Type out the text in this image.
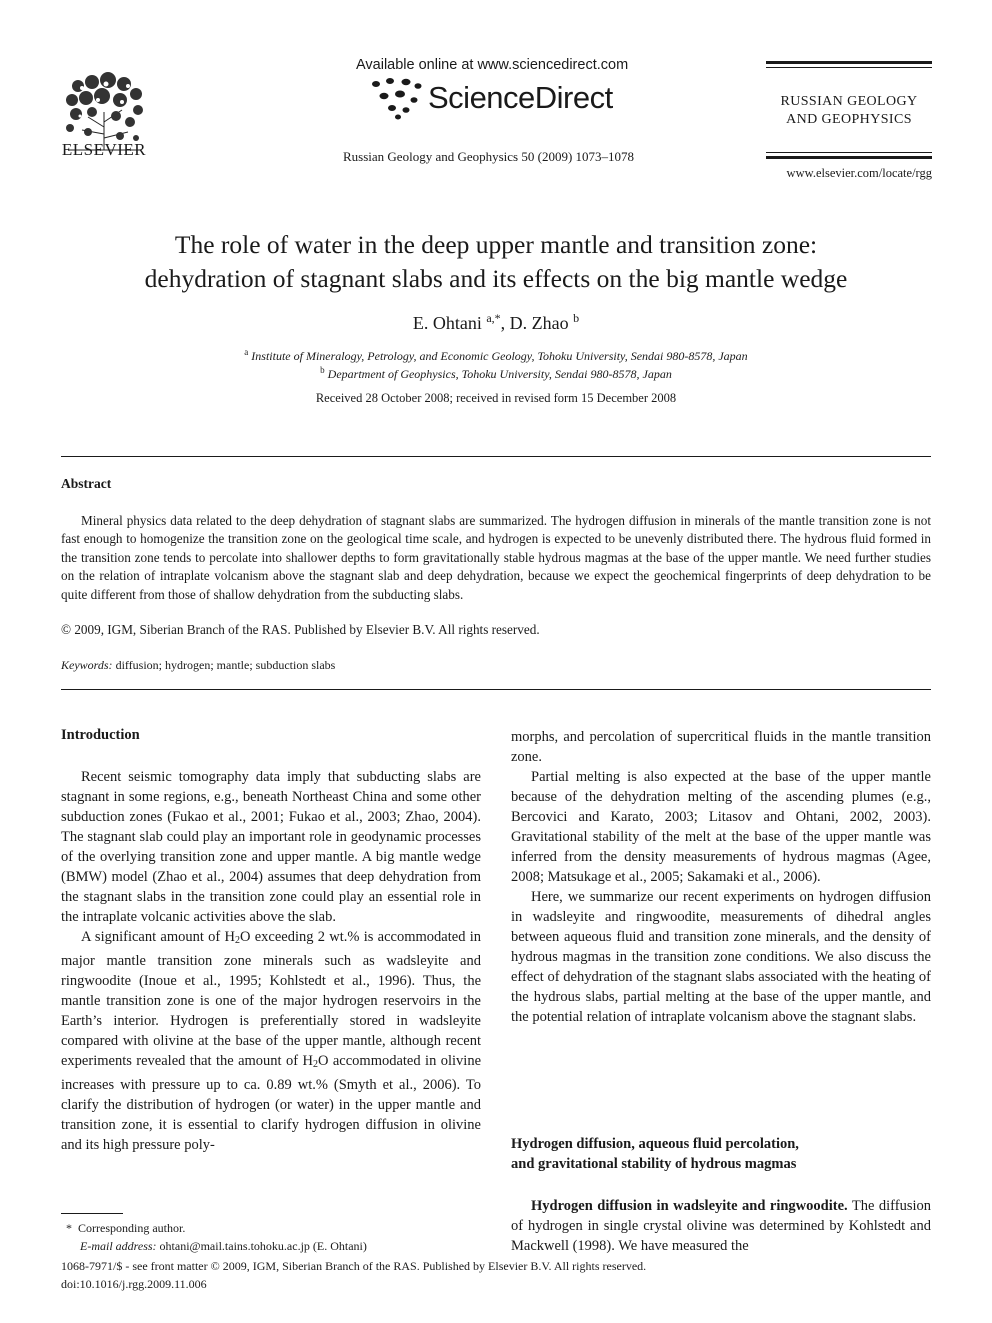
ELSEVIER
Available online at www.sciencedirect.com
ScienceDirect
Russian Geology and Geophysics 50 (2009) 1073–1078
RUSSIAN GEOLOGY
AND GEOPHYSICS
www.elsevier.com/locate/rgg
The role of water in the deep upper mantle and transition zone:
dehydration of stagnant slabs and its effects on the big mantle wedge
E. Ohtani $^{a,*}$, D. Zhao $^b$
$^a$ Institute of Mineralogy, Petrology, and Economic Geology, Tohoku University, Sendai 980-8578, Japan
$^b$ Department of Geophysics, Tohoku University, Sendai 980-8578, Japan
Received 28 October 2008; received in revised form 15 December 2008
Abstract

Mineral physics data related to the deep dehydration of stagnant slabs are summarized. The hydrogen diffusion in minerals of the mantle transition zone is not fast enough to homogenize the transition zone on the geological time scale, and hydrogen is expected to be unevenly distributed there. The hydrous fluid formed in the transition zone tends to percolate into shallower depths to form gravitationally stable hydrous magmas at the base of the upper mantle. We need further studies on the relation of intraplate volcanism above the stagnant slab and deep dehydration, because we expect the geochemical fingerprints of deep dehydration to be quite different from those of shallow dehydration from the subducting slabs.

© 2009, IGM, Siberian Branch of the RAS. Published by Elsevier B.V. All rights reserved.
Keywords: diffusion; hydrogen; mantle; subduction slabs
Introduction

Recent seismic tomography data imply that subducting slabs are stagnant in some regions, e.g., beneath Northeast China and some other subduction zones (Fukao et al., 2001; Fukao et al., 2003; Zhao, 2004). The stagnant slab could play an important role in geodynamic processes of the overlying transition zone and upper mantle. A big mantle wedge (BMW) model (Zhao et al., 2004) assumes that deep dehydration from the stagnant slabs in the transition zone could play an essential role in the intraplate volcanic activities above the slab.

A significant amount of $H_2O$ exceeding 2 wt.% is accommodated in major mantle transition zone minerals such as wadsleyite and ringwoodite (Inoue et al., 1995; Kohlstedt et al., 1996). Thus, the mantle transition zone is one of the major hydrogen reservoirs in the Earth’s interior. Hydrogen is preferentially stored in wadsleyite compared with olivine at the base of the upper mantle, although recent experiments revealed that the amount of $H_2O$ accommodated in olivine increases with pressure up to ca. 0.89 wt.% (Smyth et al., 2006). To clarify the distribution of hydrogen (or water) in the upper mantle and transition zone, it is essential to clarify hydrogen diffusion in olivine and its high pressure poly-

morphs, and percolation of supercritical fluids in the mantle transition zone.

Partial melting is also expected at the base of the upper mantle because of the dehydration melting of the ascending plumes (e.g., Bercovici and Karato, 2003; Litasov and Ohtani, 2002, 2003). Gravitational stability of the melt at the base of the upper mantle was inferred from the density measurements of hydrous magmas (Agee, 2008; Matsukage et al., 2005; Sakamaki et al., 2006).

Here, we summarize our recent experiments on hydrogen diffusion in wadsleyite and ringwoodite, measurements of dihedral angles between aqueous fluid and transition zone minerals, and the density of hydrous magmas in the transition zone conditions. We also discuss the effect of dehydration of the stagnant slabs associated with the heating of the hydrous slabs, partial melting at the base of the upper mantle, and the potential relation of intraplate volcanism above the stagnant slabs.

Hydrogen diffusion, aqueous fluid percolation,
and gravitational stability of hydrous magmas

Hydrogen diffusion in wadsleyite and ringwoodite. The diffusion of hydrogen in single crystal olivine was determined by Kohlstedt and Mackwell (1998). We have measured the

* Corresponding author.
E-mail address: ohtani@mail.tains.tohoku.ac.jp (E. Ohtani)
1068-7971/$ - see front matter © 2009, IGM, Siberian Branch of the RAS. Published by Elsevier B.V. All rights reserved.
doi:10.1016/j.rgg.2009.11.006
